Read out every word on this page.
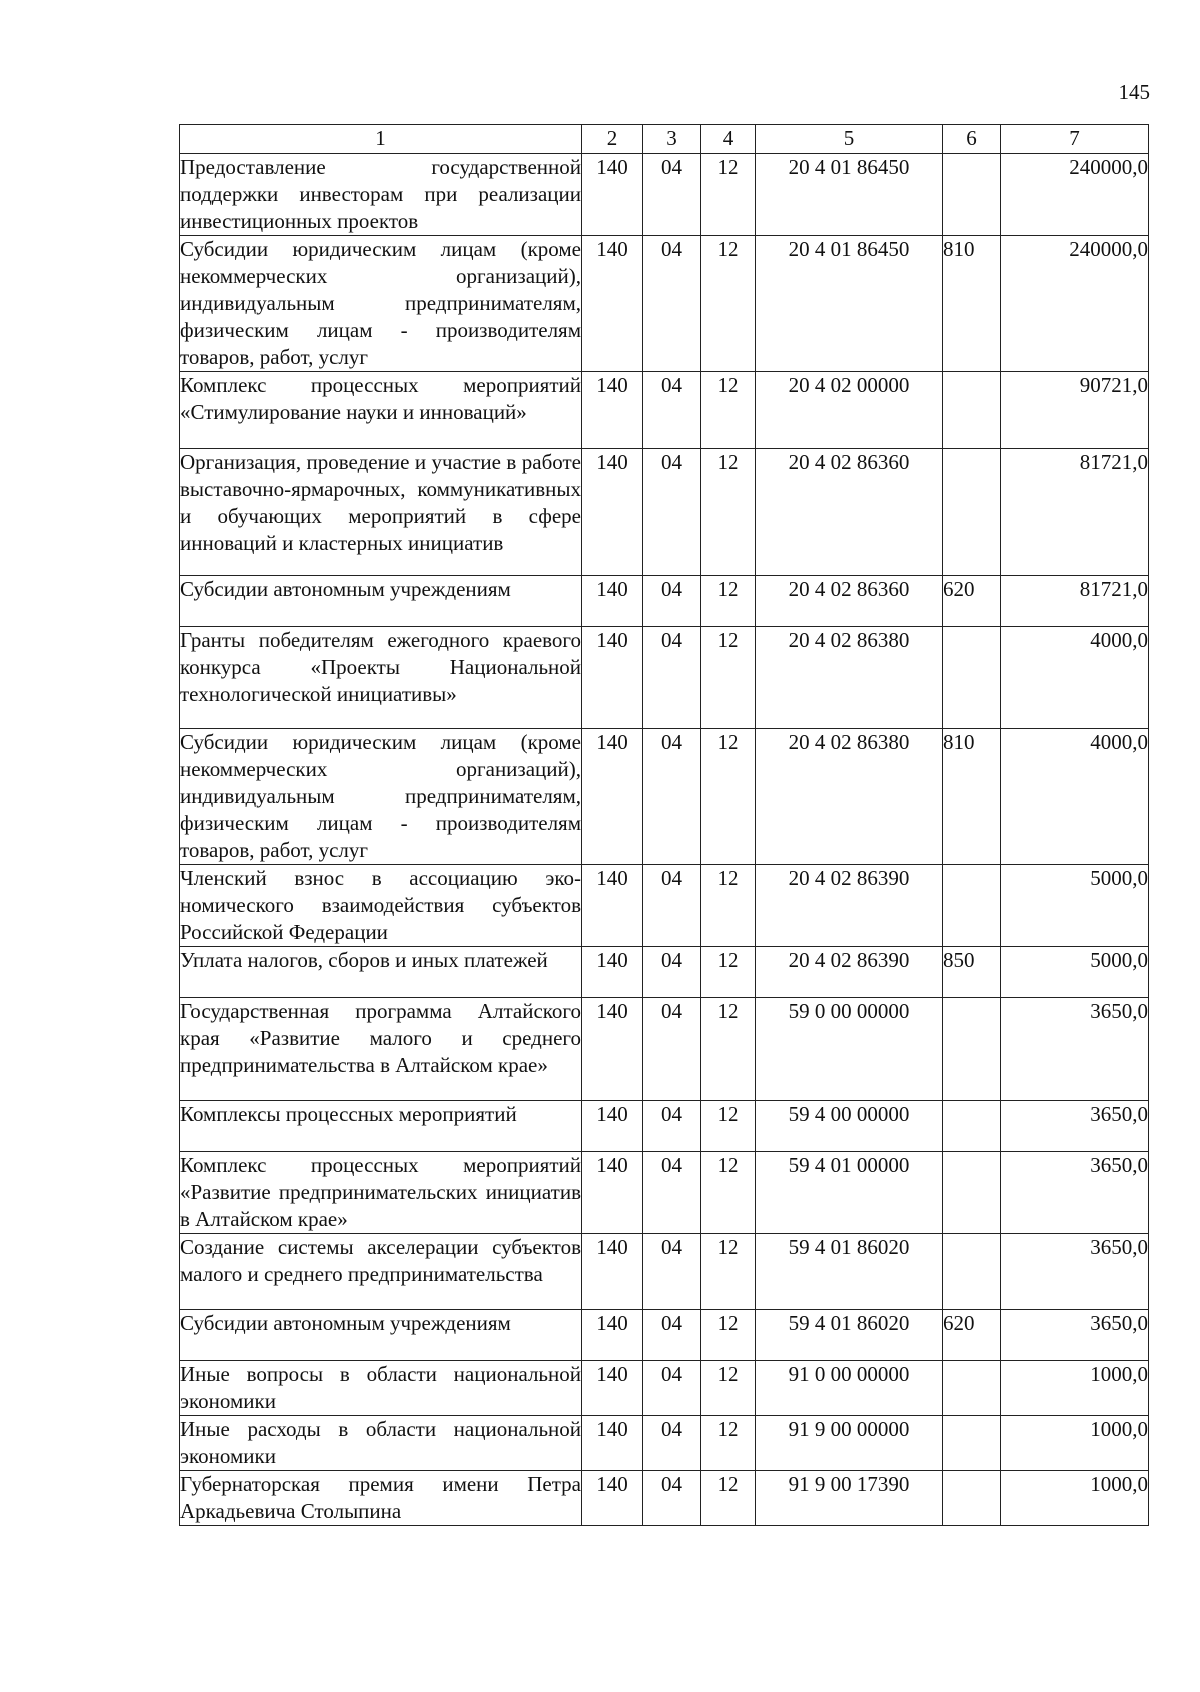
145
1	2	3	4	5	6	7
Предоставление государственной поддержки инвесторам при реализации инвестиционных проектов	140	04	12	20 4 01 86450		240000,0
Субсидии юридическим лицам (кроме некоммерческих организаций), индивидуальным предпринимателям, физическим лицам - производителям товаров, работ, услуг	140	04	12	20 4 01 86450	810	240000,0
Комплекс процессных мероприятий «Стимулирование науки и инноваций»	140	04	12	20 4 02 00000		90721,0
Организация, проведение и участие в работе выставочно-ярмарочных, коммуникативных и обучающих мероприятий в сфере инноваций и кластерных инициатив	140	04	12	20 4 02 86360		81721,0
Субсидии автономным учреждениям	140	04	12	20 4 02 86360	620	81721,0
Гранты победителям ежегодного краевого конкурса «Проекты Национальной технологической инициативы»	140	04	12	20 4 02 86380		4000,0
Субсидии юридическим лицам (кроме некоммерческих организаций), индивидуальным предпринимателям, физическим лицам - производителям товаров, работ, услуг	140	04	12	20 4 02 86380	810	4000,0
Членский взнос в ассоциацию экономического взаимодействия субъектов Российской Федерации	140	04	12	20 4 02 86390		5000,0
Уплата налогов, сборов и иных платежей	140	04	12	20 4 02 86390	850	5000,0
Государственная программа Алтайского края «Развитие малого и среднего предпринимательства в Алтайском крае»	140	04	12	59 0 00 00000		3650,0
Комплексы процессных мероприятий	140	04	12	59 4 00 00000		3650,0
Комплекс процессных мероприятий «Развитие предпринимательских инициатив в Алтайском крае»	140	04	12	59 4 01 00000		3650,0
Создание системы акселерации субъектов малого и среднего предпринимательства	140	04	12	59 4 01 86020		3650,0
Субсидии автономным учреждениям	140	04	12	59 4 01 86020	620	3650,0
Иные вопросы в области национальной экономики	140	04	12	91 0 00 00000		1000,0
Иные расходы в области национальной экономики	140	04	12	91 9 00 00000		1000,0
Губернаторская премия имени Петра Аркадьевича Столыпина	140	04	12	91 9 00 17390		1000,0
